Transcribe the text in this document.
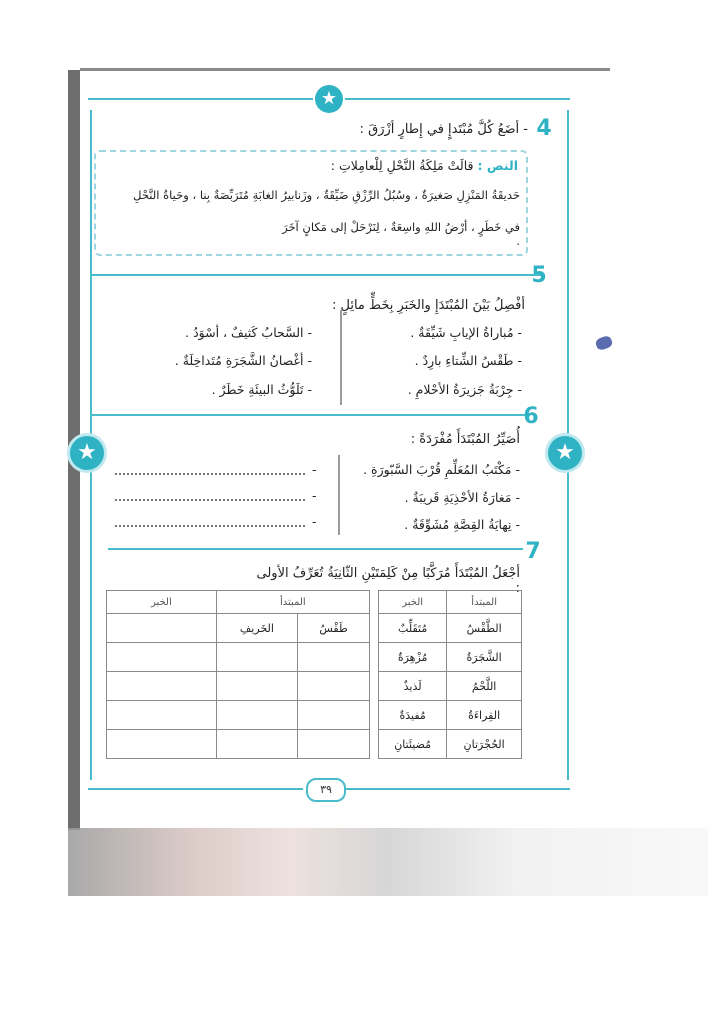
★
٣٩
★	★
4
5
6
7
- أضَعُ كُلَّ مُبْتَدإٍ في إِطارٍ أزْرَقَ :
النص : قالَتْ مَلِكَةُ النَّحْلِ لِلْعامِلاتِ :
حَديقَةُ المَنْزِلِ صَغيرَةٌ ، وسُبُلُ الرِّزْقِ ضَيِّقَةٌ ، وزَنابيرُ الغابَةِ مُتَرَبِّصَةٌ بِنا ، وحَياةُ النَّحْلِ
في خَطَرٍ ، أرْضُ اللهِ واسِعَةٌ ، لِنَرْحَلْ إلى مَكانٍ آخَرَ .
أفْصِلُ بَيْنَ المُبْتَدَإِ والخَبَرِ بِخَطٍّ مائِلٍ :
- مُباراةُ الإيابِ شَيِّقَةٌ .
- طَقْسُ الشِّتاءِ بارِدٌ .
- جِرْبَةُ جَزيرَةُ الأحْلامِ .
- السَّحابُ كَثيفٌ ، أسْوَدُ .
- أغْصانُ الشَّجَرَةِ مُتَداخِلَةٌ .
- تَلَوُّثُ البيئَةِ خَطَرٌ .
أُصَيِّرُ المُبْتَدَأَ مُفْرَدَةً :
- مَكْتَبُ المُعَلِّمِ قُرْبَ السَّبّورَةِ .
- مَغارَةُ الأحْذِيَةِ قَريبَةٌ .
- نِهايَةُ القِصَّةِ مُشَوِّقَةٌ .
-
-
-
أجْعَلُ المُبْتَدَأَ مُرَكَّبًا مِنْ كَلِمَتَيْنِ الثّانِيَةُ تُعَرِّفُ الأولى :
المبتدأ	الخبر
الطَّقْسُ	مُتَقَلِّبٌ
الشَّجَرَةُ	مُزْهِرَةٌ
اللَّحْمُ	لَذيذٌ
القِراءَةُ	مُفيدَةٌ
الحُجْرَتانِ	مُضيئَتانِ
المبتدأ		الخبر
طَقْسُ	الخَريفِ	
